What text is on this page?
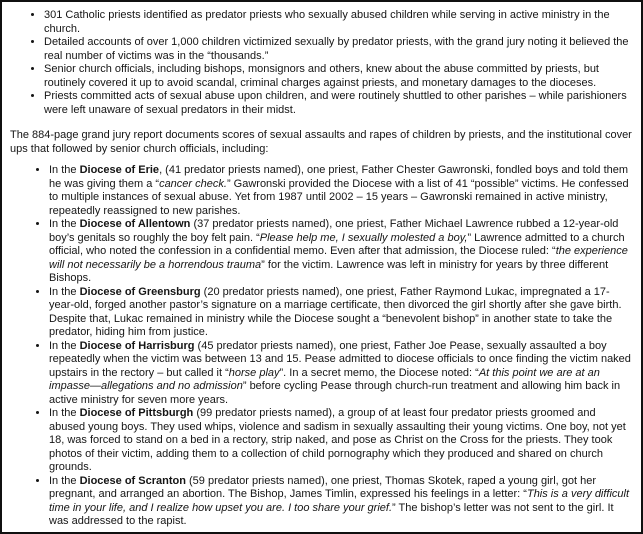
• 301 Catholic priests identified as predator priests who sexually abused children while serving in active ministry in the church.
• Detailed accounts of over 1,000 children victimized sexually by predator priests, with the grand jury noting it believed the real number of victims was in the “thousands.”
• Senior church officials, including bishops, monsignors and others, knew about the abuse committed by priests, but routinely covered it up to avoid scandal, criminal charges against priests, and monetary damages to the dioceses.
• Priests committed acts of sexual abuse upon children, and were routinely shuttled to other parishes – while parishioners were left unaware of sexual predators in their midst.

The 884-page grand jury report documents scores of sexual assaults and rapes of children by priests, and the institutional cover ups that followed by senior church officials, including:

• In the Diocese of Erie, (41 predator priests named), one priest, Father Chester Gawronski, fondled boys and told them he was giving them a “cancer check.” Gawronski provided the Diocese with a list of 41 “possible” victims. He confessed to multiple instances of sexual abuse. Yet from 1987 until 2002 – 15 years – Gawronski remained in active ministry, repeatedly reassigned to new parishes.
• In the Diocese of Allentown (37 predator priests named), one priest, Father Michael Lawrence rubbed a 12-year-old boy’s genitals so roughly the boy felt pain. “Please help me, I sexually molested a boy,” Lawrence admitted to a church official, who noted the confession in a confidential memo. Even after that admission, the Diocese ruled: “the experience will not necessarily be a horrendous trauma” for the victim. Lawrence was left in ministry for years by three different Bishops.
• In the Diocese of Greensburg (20 predator priests named), one priest, Father Raymond Lukac, impregnated a 17-year-old, forged another pastor’s signature on a marriage certificate, then divorced the girl shortly after she gave birth. Despite that, Lukac remained in ministry while the Diocese sought a “benevolent bishop” in another state to take the predator, hiding him from justice.
• In the Diocese of Harrisburg (45 predator priests named), one priest, Father Joe Pease, sexually assaulted a boy repeatedly when the victim was between 13 and 15. Pease admitted to diocese officials to once finding the victim naked upstairs in the rectory – but called it “horse play”. In a secret memo, the Diocese noted: “At this point we are at an impasse—allegations and no admission” before cycling Pease through church-run treatment and allowing him back in active ministry for seven more years.
• In the Diocese of Pittsburgh (99 predator priests named), a group of at least four predator priests groomed and abused young boys. They used whips, violence and sadism in sexually assaulting their young victims. One boy, not yet 18, was forced to stand on a bed in a rectory, strip naked, and pose as Christ on the Cross for the priests. They took photos of their victim, adding them to a collection of child pornography which they produced and shared on church grounds.
• In the Diocese of Scranton (59 predator priests named), one priest, Thomas Skotek, raped a young girl, got her pregnant, and arranged an abortion. The Bishop, James Timlin, expressed his feelings in a letter: “This is a very difficult time in your life, and I realize how upset you are. I too share your grief.” The bishop’s letter was not sent to the girl. It was addressed to the rapist.
